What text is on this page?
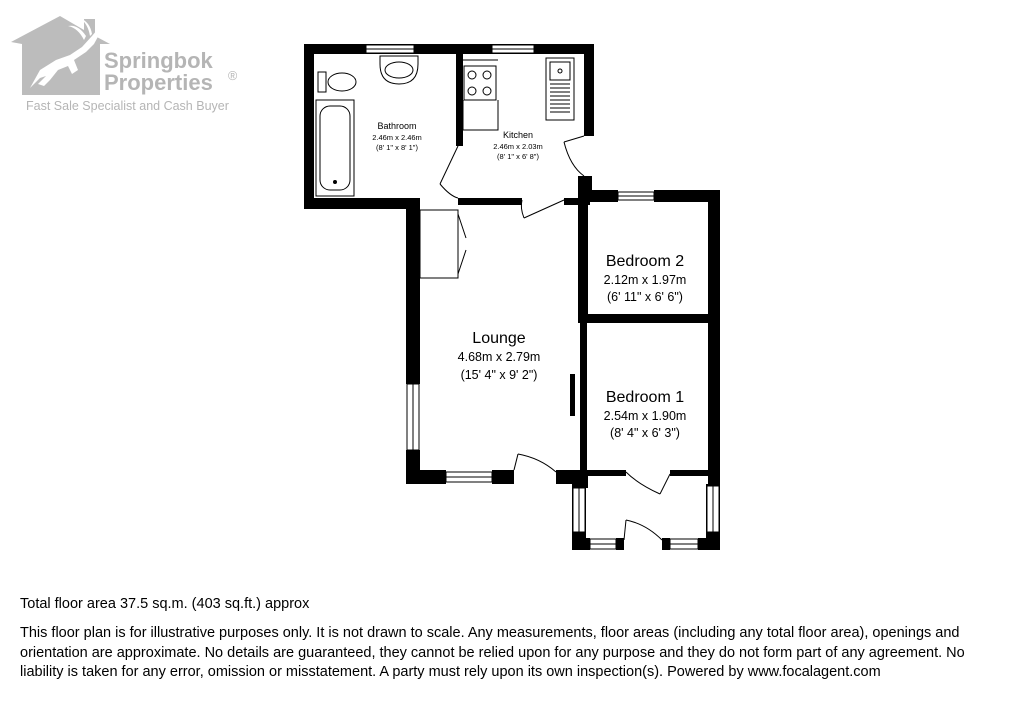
Springbok
Properties ®
Fast Sale Specialist and Cash Buyer
Bathroom
2.46m x 2.46m
(8' 1" x 8' 1")
Kitchen
2.46m x 2.03m
(8' 1" x 6' 8")
Bedroom 2
2.12m x 1.97m
(6' 11" x 6' 6")
Lounge
4.68m x 2.79m
(15' 4" x 9' 2")
Bedroom 1
2.54m x 1.90m
(8' 4" x 6' 3")
Total floor area 37.5 sq.m. (403 sq.ft.) approx
This floor plan is for illustrative purposes only. It is not drawn to scale. Any measurements, floor areas (including any total floor area), openings and orientation are approximate. No details are guaranteed, they cannot be relied upon for any purpose and they do not form part of any agreement. No liability is taken for any error, omission or misstatement. A party must rely upon its own inspection(s). Powered by www.focalagent.com
